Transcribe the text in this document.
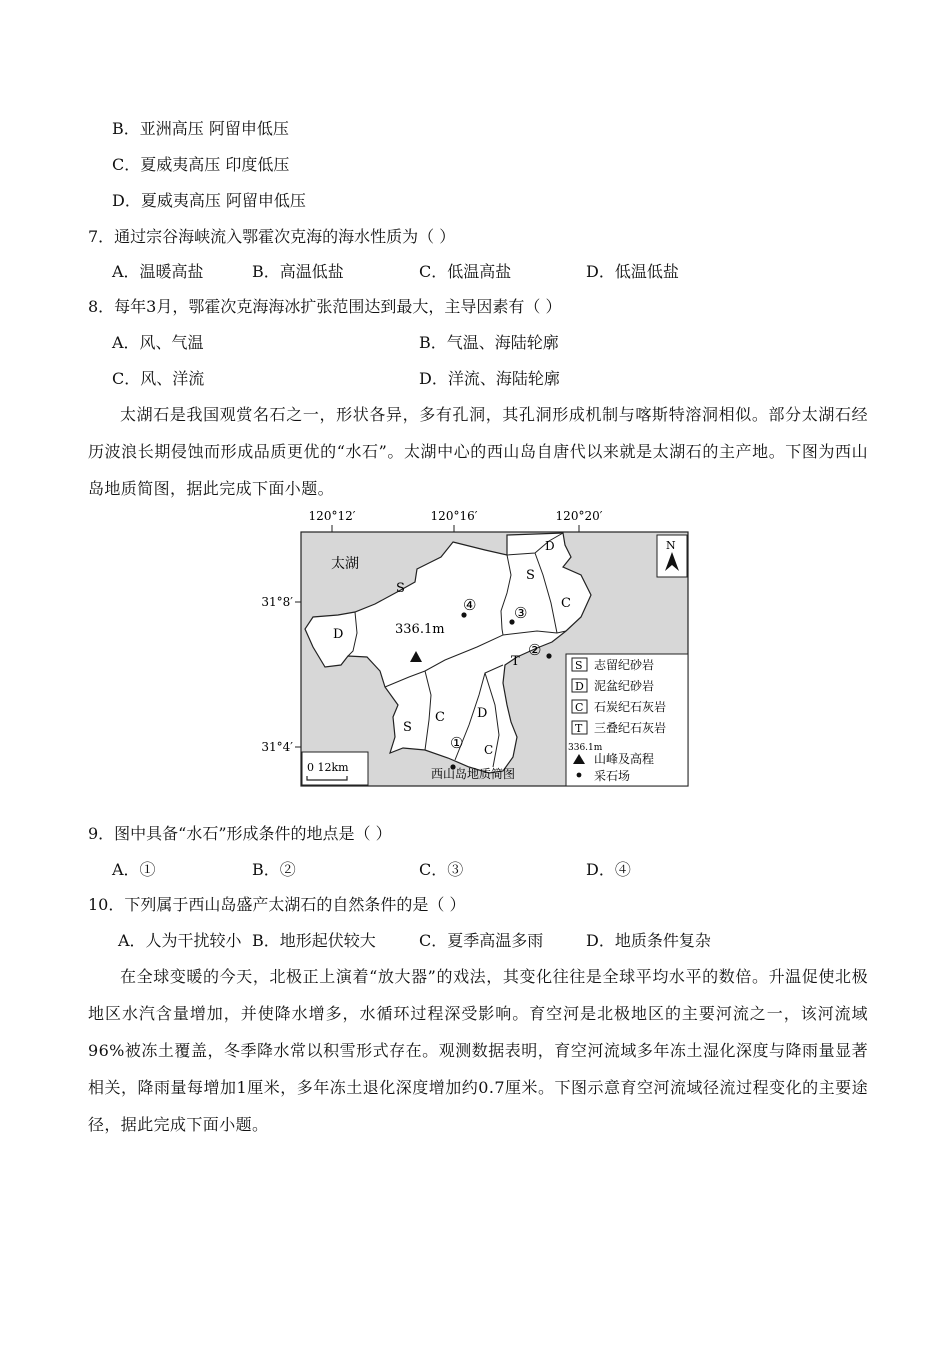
B．亚洲高压 阿留申低压
C．夏威夷高压 印度低压
D．夏威夷高压 阿留申低压
7．通过宗谷海峡流入鄂霍次克海的海水性质为（ ）
A．温暖高盐	B．高温低盐	C．低温高盐	D．低温低盐
8．每年3月，鄂霍次克海海冰扩张范围达到最大，主导因素有（ ）
A．风、气温	B．气温、海陆轮廓
C．风、洋流	D．洋流、海陆轮廓
太湖石是我国观赏名石之一，形状各异，多有孔洞，其孔洞形成机制与喀斯特溶洞相似。部分太湖石经历波浪长期侵蚀而形成品质更优的“水石”。太湖中心的西山岛自唐代以来就是太湖石的主产地。下图为西山岛地质简图，据此完成下面小题。
120°12′	120°16′	120°20′
31°8′
31°4′
太湖
S
S
S
D
D
D
C
C
C
T
336.1m
①
②
③
④
N
0 12km	西山岛地质简图
S 志留纪砂岩
D 泥盆纪砂岩
C 石炭纪石灰岩
T 三叠纪石灰岩
336.1m
山峰及高程
采石场
9．图中具备“水石”形成条件的地点是（ ）
A．①	B．②	C．③	D．④
10．下列属于西山岛盛产太湖石的自然条件的是（ ）
A．人为干扰较小 B．地形起伏较大	C．夏季高温多雨	D．地质条件复杂
在全球变暖的今天，北极正上演着“放大器”的戏法，其变化往往是全球平均水平的数倍。升温促使北极地区水汽含量增加，并使降水增多，水循环过程深受影响。育空河是北极地区的主要河流之一，该河流域96%被冻土覆盖，冬季降水常以积雪形式存在。观测数据表明，育空河流域多年冻土湿化深度与降雨量显著相关，降雨量每增加1厘米，多年冻土退化深度增加约0.7厘米。下图示意育空河流域径流过程变化的主要途径，据此完成下面小题。
